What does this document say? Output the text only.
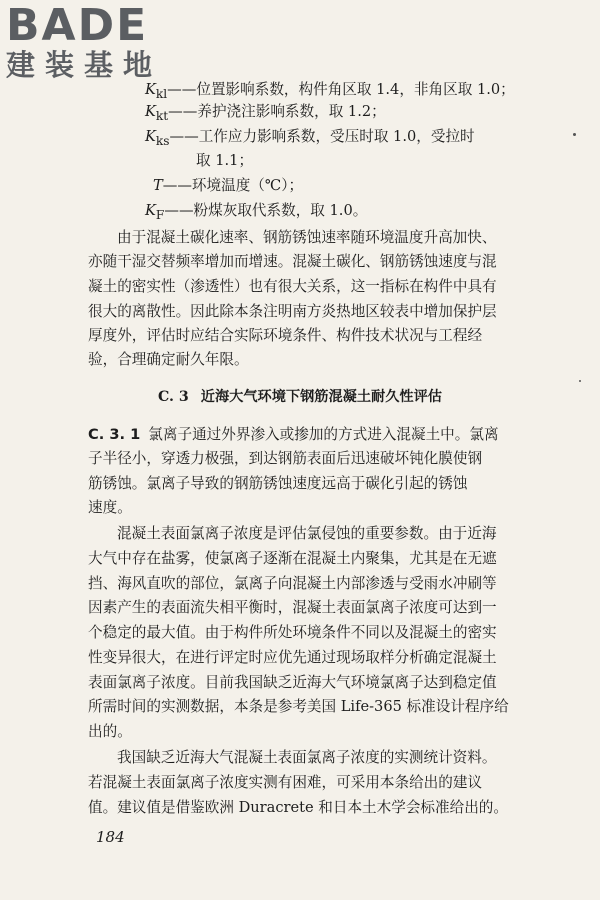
BADE
建装基地
$K_{kl}——$位置影响系数，构件角区取 1.4，非角区取 1.0；
$K_{kt}——$养护浇注影响系数，取 1.2；
$K_{ks}——$工作应力影响系数，受压时取 1.0，受拉时
取 1.1；
T——环境温度（℃）；
$K_F——$粉煤灰取代系数，取 1.0。
由于混凝土碳化速率、钢筋锈蚀速率随环境温度升高加快、
亦随干湿交替频率增加而增速。混凝土碳化、钢筋锈蚀速度与混
凝土的密实性（渗透性）也有很大关系，这一指标在构件中具有
很大的离散性。因此除本条注明南方炎热地区较表中增加保护层
厚度外，评估时应结合实际环境条件、构件技术状况与工程经
验，合理确定耐久年限。
C. 3 近海大气环境下钢筋混凝土耐久性评估
C. 3. 1 氯离子通过外界渗入或掺加的方式进入混凝土中。氯离
子半径小，穿透力极强，到达钢筋表面后迅速破坏钝化膜使钢
筋锈蚀。氯离子导致的钢筋锈蚀速度远高于碳化引起的锈蚀
速度。
混凝土表面氯离子浓度是评估氯侵蚀的重要参数。由于近海
大气中存在盐雾，使氯离子逐渐在混凝土内聚集，尤其是在无遮
挡、海风直吹的部位，氯离子向混凝土内部渗透与受雨水冲刷等
因素产生的表面流失相平衡时，混凝土表面氯离子浓度可达到一
个稳定的最大值。由于构件所处环境条件不同以及混凝土的密实
性变异很大，在进行评定时应优先通过现场取样分析确定混凝土
表面氯离子浓度。目前我国缺乏近海大气环境氯离子达到稳定值
所需时间的实测数据，本条是参考美国 Life-365 标准设计程序给
出的。
我国缺乏近海大气混凝土表面氯离子浓度的实测统计资料。
若混凝土表面氯离子浓度实测有困难，可采用本条给出的建议
值。建议值是借鉴欧洲 Duracrete 和日本土木学会标准给出的。
184
